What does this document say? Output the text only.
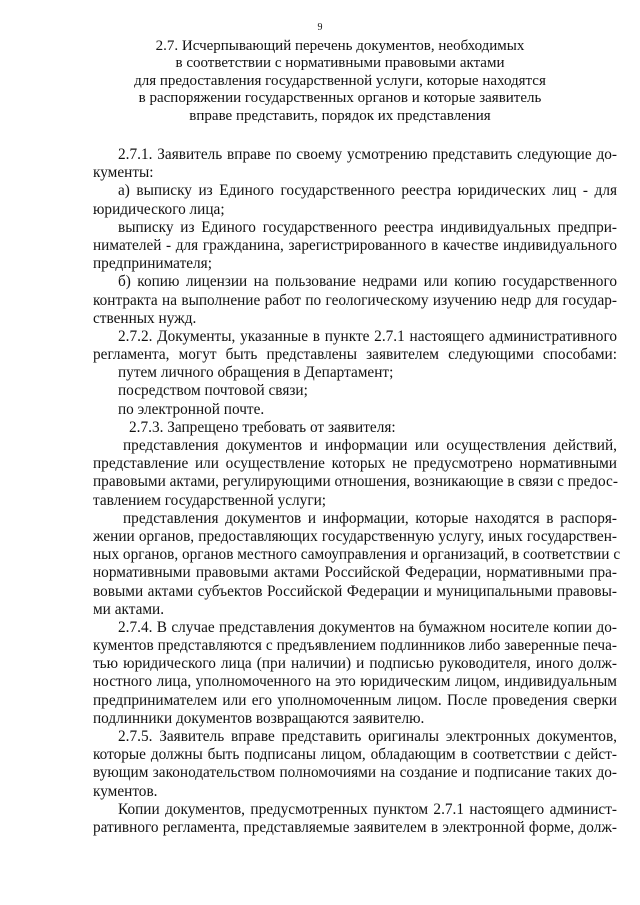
9
2.7. Исчерпывающий перечень документов, необходимых
в соответствии с нормативными правовыми актами
для предоставления государственной услуги, которые находятся
в распоряжении государственных органов и которые заявитель
вправе представить, порядок их представления
2.7.1. Заявитель вправе по своему усмотрению представить следующие до-
кументы:
а) выписку из Единого государственного реестра юридических лиц - для
юридического лица;
выписку из Единого государственного реестра индивидуальных предпри-
нимателей - для гражданина, зарегистрированного в качестве индивидуального
предпринимателя;
б) копию лицензии на пользование недрами или копию государственного
контракта на выполнение работ по геологическому изучению недр для государ-
ственных нужд.
2.7.2. Документы, указанные в пункте 2.7.1 настоящего административного
регламента, могут быть представлены заявителем следующими способами:
путем личного обращения в Департамент;
посредством почтовой связи;
по электронной почте.
2.7.3. Запрещено требовать от заявителя:
представления документов и информации или осуществления действий,
представление или осуществление которых не предусмотрено нормативными
правовыми актами, регулирующими отношения, возникающие в связи с предос-
тавлением государственной услуги;
представления документов и информации, которые находятся в распоря-
жении органов, предоставляющих государственную услугу, иных государствен-
ных органов, органов местного самоуправления и организаций, в соответствии с
нормативными правовыми актами Российской Федерации, нормативными пра-
вовыми актами субъектов Российской Федерации и муниципальными правовы-
ми актами.
2.7.4. В случае представления документов на бумажном носителе копии до-
кументов представляются с предъявлением подлинников либо заверенные печа-
тью юридического лица (при наличии) и подписью руководителя, иного долж-
ностного лица, уполномоченного на это юридическим лицом, индивидуальным
предпринимателем или его уполномоченным лицом. После проведения сверки
подлинники документов возвращаются заявителю.
2.7.5. Заявитель вправе представить оригиналы электронных документов,
которые должны быть подписаны лицом, обладающим в соответствии с дейст-
вующим законодательством полномочиями на создание и подписание таких до-
кументов.
Копии документов, предусмотренных пунктом 2.7.1 настоящего админист-
ративного регламента, представляемые заявителем в электронной форме, долж-
